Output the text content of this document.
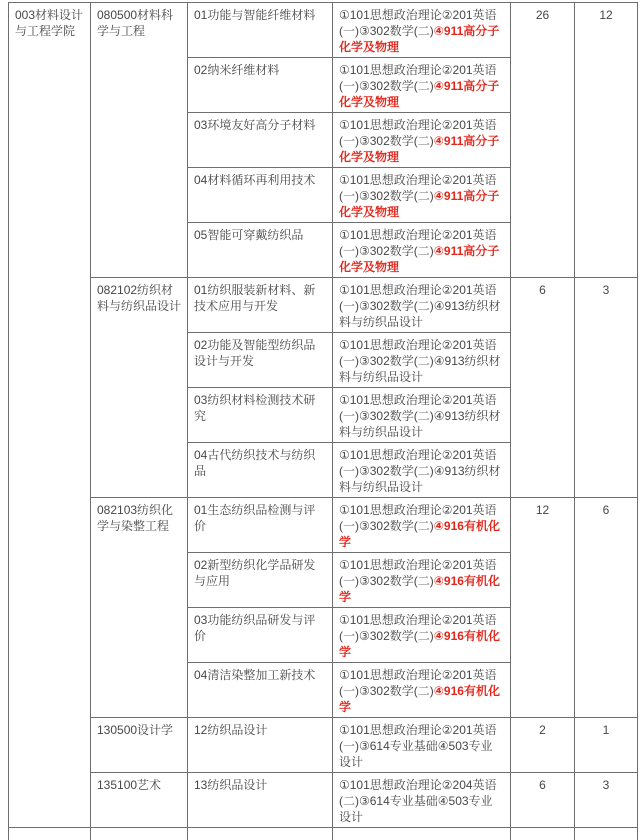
003材料设计与工程学院	080500材料科学与工程	01功能与智能纤维材料	①101思想政治理论②201英语(一)③302数学(二)④911高分子化学及物理	26	12
		02纳米纤维材料	①101思想政治理论②201英语(一)③302数学(二)④911高分子化学及物理		
		03环境友好高分子材料	①101思想政治理论②201英语(一)③302数学(二)④911高分子化学及物理		
		04材料循环再利用技术	①101思想政治理论②201英语(一)③302数学(二)④911高分子化学及物理		
		05智能可穿戴纺织品	①101思想政治理论②201英语(一)③302数学(二)④911高分子化学及物理		
	082102纺织材料与纺织品设计	01纺织服装新材料、新技术应用与开发	①101思想政治理论②201英语(一)③302数学(二)④913纺织材料与纺织品设计	6	3
		02功能及智能型纺织品设计与开发	①101思想政治理论②201英语(一)③302数学(二)④913纺织材料与纺织品设计		
		03纺织材料检测技术研究	①101思想政治理论②201英语(一)③302数学(二)④913纺织材料与纺织品设计		
		04古代纺织技术与纺织品	①101思想政治理论②201英语(一)③302数学(二)④913纺织材料与纺织品设计		
	082103纺织化学与染整工程	01生态纺织品检测与评价	①101思想政治理论②201英语(一)③302数学(二)④916有机化学	12	6
		02新型纺织化学品研发与应用	①101思想政治理论②201英语(一)③302数学(二)④916有机化学		
		03功能纺织品研发与评价	①101思想政治理论②201英语(一)③302数学(二)④916有机化学		
		04清洁染整加工新技术	①101思想政治理论②201英语(一)③302数学(二)④916有机化学		
	130500设计学	12纺织品设计	①101思想政治理论②201英语(一)③614专业基础④503专业设计	2	1
	135100艺术	13纺织品设计	①101思想政治理论②204英语(二)③614专业基础④503专业设计	6	3
